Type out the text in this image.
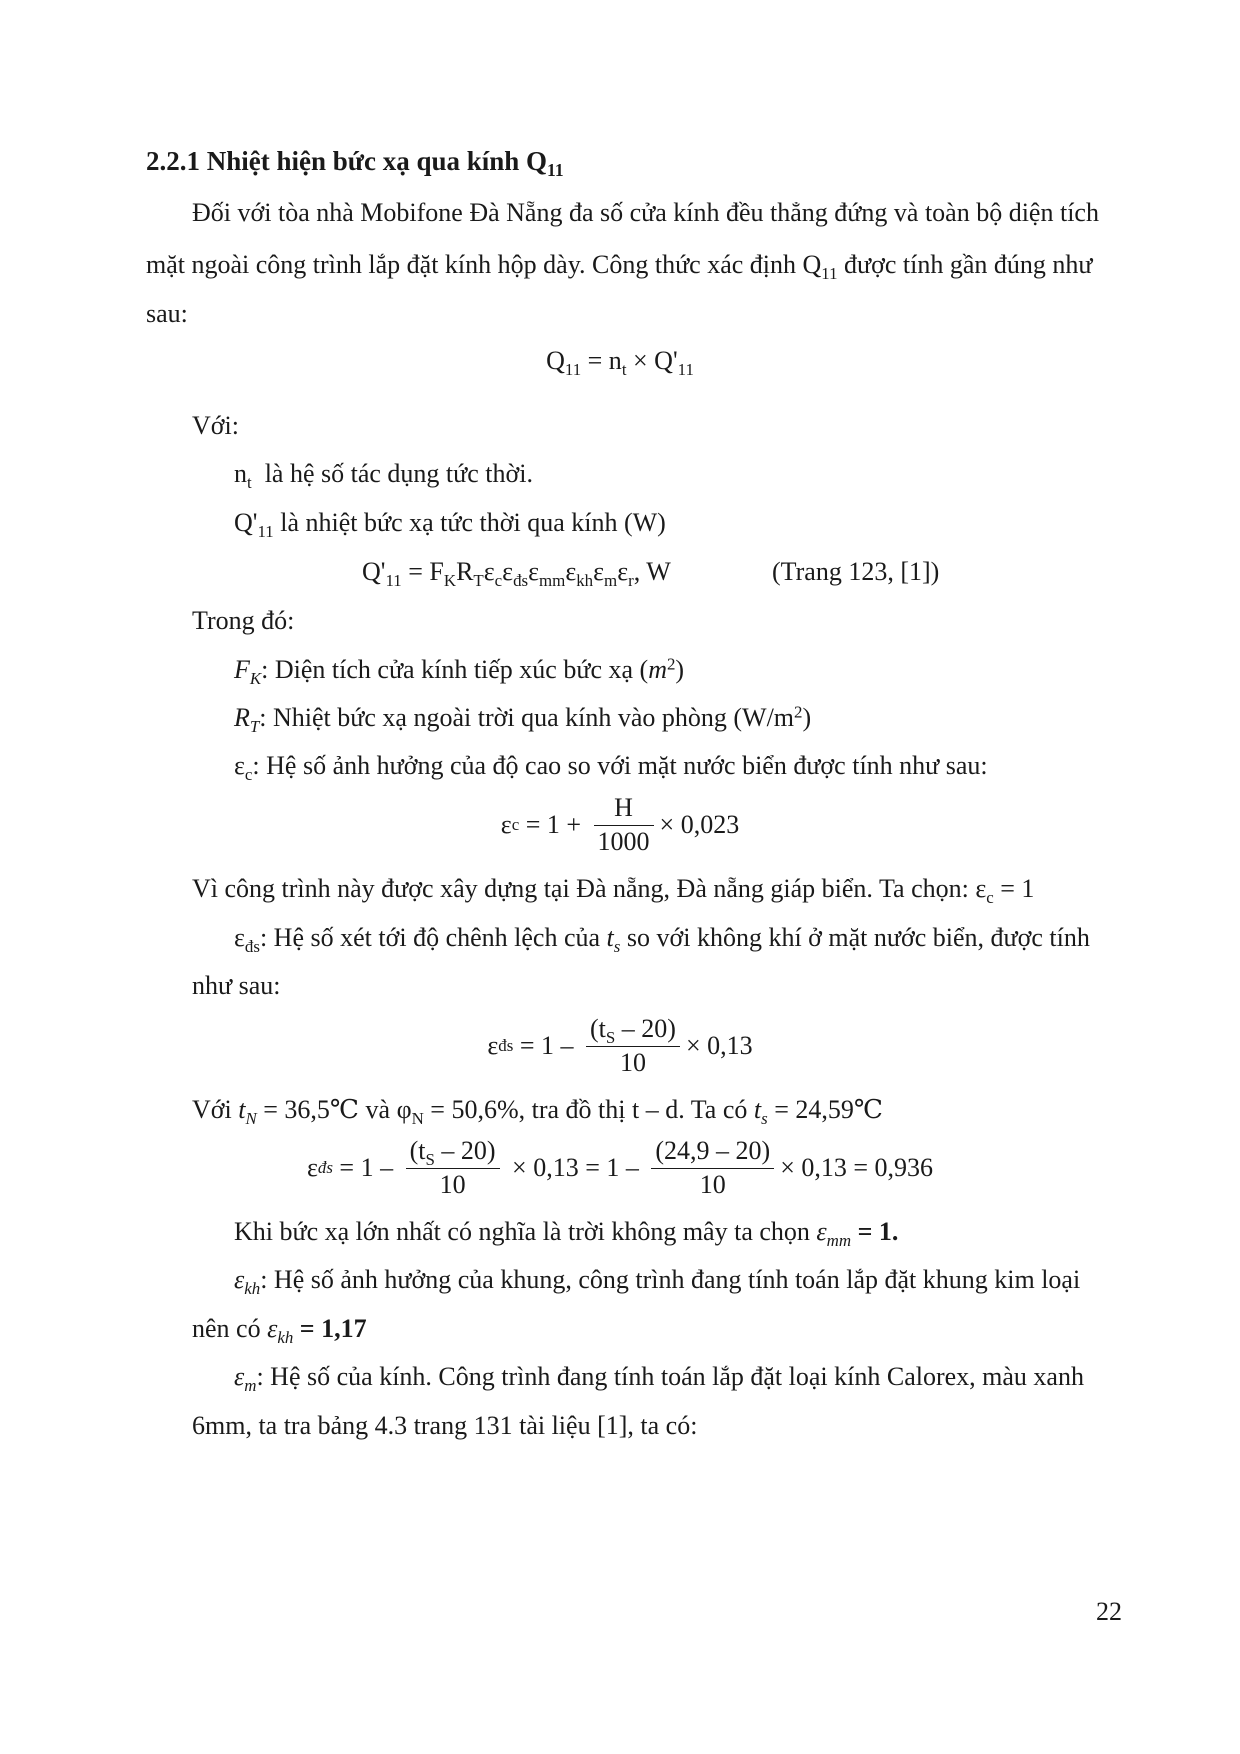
2.2.1 Nhiệt hiện bức xạ qua kính $Q_{11}$
Đối với tòa nhà Mobifone Đà Nẵng đa số cửa kính đều thẳng đứng và toàn bộ diện tích
mặt ngoài công trình lắp đặt kính hộp dày. Công thức xác định $Q_{11}$ được tính gần đúng như
sau:
$Q_{11} = n_t \times Q'_{11}$
Với:
$n_t$  là hệ số tác dụng tức thời.
$Q'_{11}$ là nhiệt bức xạ tức thời qua kính (W)
$Q'_{11} = F_KR_T\varepsilon_c\varepsilon_{đs}\varepsilon_{mm}\varepsilon_{kh}\varepsilon_m\varepsilon_r$, W	(Trang 123, [1])
Trong đó:
$F_K$: Diện tích cửa kính tiếp xúc bức xạ $(m^2)$
$R_T$: Nhiệt bức xạ ngoài trời qua kính vào phòng $(W/m^2)$
$\varepsilon_c$: Hệ số ảnh hưởng của độ cao so với mặt nước biển được tính như sau:
ε $c = 1 + \frac{H}{1000} \times 0,023$
Vì công trình này được xây dựng tại Đà nẵng, Đà nẵng giáp biển. Ta chọn: $\varepsilon_c = 1$
$\varepsilon_{đs}$: Hệ số xét tới độ chênh lệch của $t_s$ so với không khí ở mặt nước biển, được tính
như sau:
ε đs = $1 - \frac{(t_S - 20)}{10} \times 0,13$
Với $t_N$ = 36,5℃ và $\varphi_N = 50,6\%$, tra đồ thị t – d. Ta có $t_s$ = 24,59℃
ε đs = $1 - \frac{(t_S - 20)}{10} \times 0,13 = 1 - \frac{(24,9 - 20)}{10} \times 0,13 = 0,936$
Khi bức xạ lớn nhất có nghĩa là trời không mây ta chọn $\varepsilon_{mm} = 1$.
$\varepsilon_{kh}$: Hệ số ảnh hưởng của khung, công trình đang tính toán lắp đặt khung kim loại
nên có $\varepsilon_{kh} = 1,17$
$\varepsilon_m$: Hệ số của kính. Công trình đang tính toán lắp đặt loại kính Calorex, màu xanh
6mm, ta tra bảng 4.3 trang 131 tài liệu [1], ta có:
22
